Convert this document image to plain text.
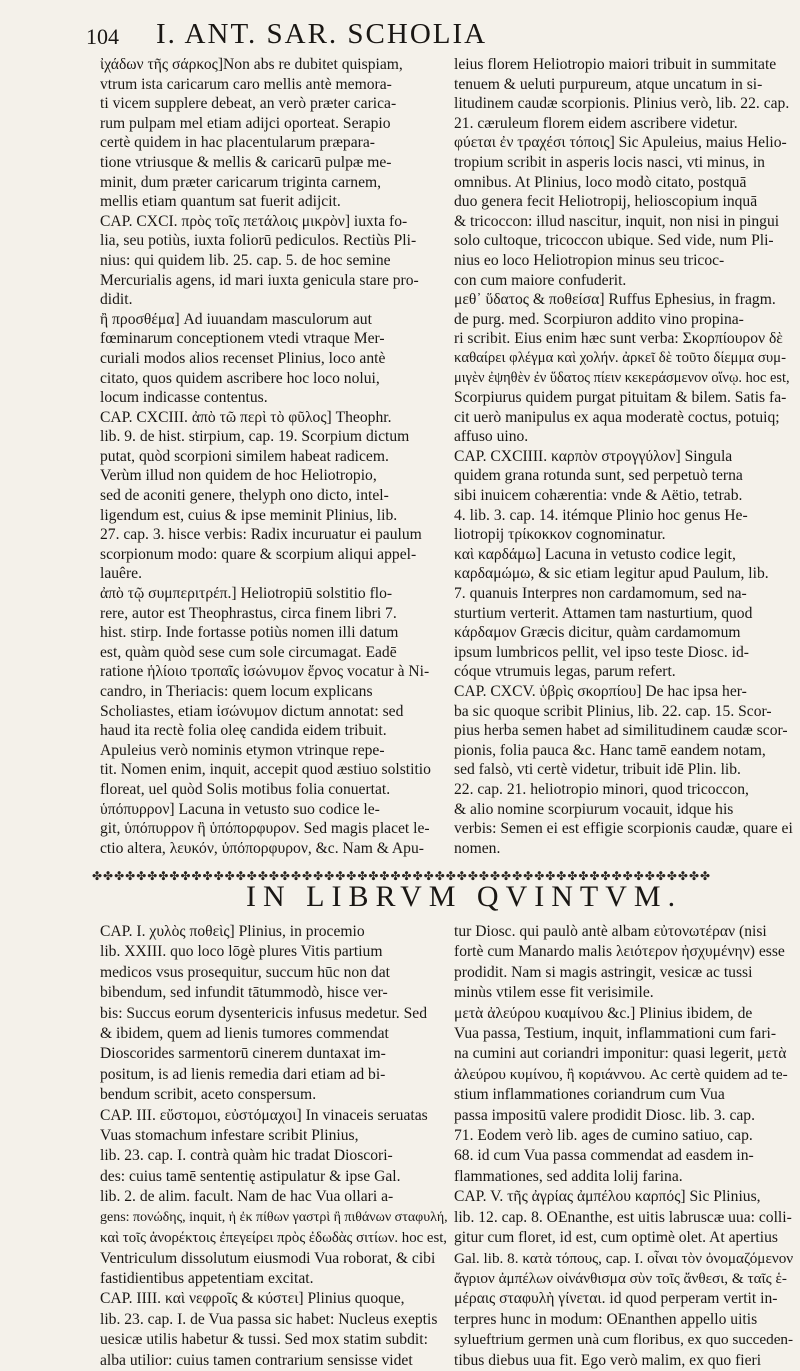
104 I. ANT. SAR. SCHOLIA
ἰχάδων τῆς σάρκος]Non abs re dubitet quispiam,
vtrum ista caricarum caro mellis antè memora-
ti vicem supplere debeat, an verò præter carica-
rum pulpam mel etiam adijci oporteat. Serapio
certè quidem in hac placentularum præpara-
tione vtriusque & mellis & caricarū pulpæ me-
minit, dum præter caricarum triginta carnem,
mellis etiam quantum sat fuerit adijcit.
CAP. CXCI. πρὸς τοῖς πετάλοις μικρὸν] iuxta fo-
lia, seu potiùs, iuxta foliorū pediculos. Rectiùs Pli-
nius: qui quidem lib. 25. cap. 5. de hoc semine
Mercurialis agens, id mari iuxta genicula stare pro-
didit.
ἢ προσθέμα] Ad iuuandam masculorum aut
fœminarum conceptionem vtedi vtraque Mer-
curiali modos alios recenset Plinius, loco antè
citato, quos quidem ascribere hoc loco nolui,
locum indicasse contentus.
CAP. CXCIII. ἀπὸ τῶ περὶ τὸ φῦλος] Theophr.
lib. 9. de hist. stirpium, cap. 19. Scorpium dictum
putat, quòd scorpioni similem habeat radicem.
Verùm illud non quidem de hoc Heliotropio,
sed de aconiti genere, thelyph ono dicto, intel-
ligendum est, cuius & ipse meminit Plinius, lib.
27. cap. 3. hisce verbis: Radix incuruatur ei paulum
scorpionum modo: quare & scorpium aliqui appel-
lauêre.
ἀπὸ τῷ συμπεριτρέπ.] Heliotropiū solstitio flo-
rere, autor est Theophrastus, circa finem libri 7.
hist. stirp. Inde fortasse potiùs nomen illi datum
est, quàm quòd sese cum sole circumagat. Eadē
ratione ἡλίοιο τροπαῖς ἰσώνυμον ἔρνος vocatur à Ni-
candro, in Theriacis: quem locum explicans
Scholiastes, etiam ἰσώνυμον dictum annotat: sed
haud ita rectè folia oleę candida eidem tribuit.
Apuleius verò nominis etymon vtrinque repe-
tit. Nomen enim, inquit, accepit quod æstiuo solstitio
floreat, uel quòd Solis motibus folia conuertat.
ὑπόπυρρον] Lacuna in vetusto suo codice le-
git, ὑπόπυρρον ἢ ὑπόπορφυρον. Sed magis placet le-
ctio altera, λευκόν, ὑπόπορφυρον, &c. Nam & Apu-
leius florem Heliotropio maiori tribuit in summitate
tenuem & ueluti purpureum, atque uncatum in si-
litudinem caudæ scorpionis. Plinius verò, lib. 22. cap.
21. cæruleum florem eidem ascribere videtur.
φύεται ἐν τραχέσι τόποις] Sic Apuleius, maius Helio-
tropium scribit in asperis locis nasci, vti minus, in
omnibus. At Plinius, loco modò citato, postquā
duo genera fecit Heliotropij, helioscopium inquā
& tricoccon: illud nascitur, inquit, non nisi in pingui
solo cultoque, tricoccon ubique. Sed vide, num Pli-
nius eo loco Heliotropion minus seu tricoc-
con cum maiore confuderit.
μεθ᾽ ὕδατος & ποθείσα] Ruffus Ephesius, in fragm.
de purg. med. Scorpiuron addito vino propina-
ri scribit. Eius enim hæc sunt verba: Σκορπίουρον δὲ
καθαίρει φλέγμα καὶ χολήν. ἀρκεῖ δὲ τοῦτο δίεμμα συμ-
μιγὲν ἐψηθὲν ἐν ὕδατος πίειν κεκεράσμενον οἴνῳ. hoc est,
Scorpiurus quidem purgat pituitam & bilem. Satis fa-
cit uerò manipulus ex aqua moderatè coctus, potuiq;
affuso uino.
CAP. CXCIIII. καρπὸν στρογγύλον] Singula
quidem grana rotunda sunt, sed perpetuò terna
sibi inuicem cohærentia: vnde & Aëtio, tetrab.
4. lib. 3. cap. 14. itémque Plinio hoc genus He-
liotropij τρίκοκκον cognominatur.
καὶ καρδάμω] Lacuna in vetusto codice legit,
καρδαμώμω, & sic etiam legitur apud Paulum, lib.
7. quanuis Interpres non cardamomum, sed na-
sturtium verterit. Attamen tam nasturtium, quod
κάρδαμον Græcis dicitur, quàm cardamomum
ipsum lumbricos pellit, vel ipso teste Diosc. id-
cóque vtrumuis legas, parum refert.
CAP. CXCV. ὑβρὶς σκορπίου] De hac ipsa her-
ba sic quoque scribit Plinius, lib. 22. cap. 15. Scor-
pius herba semen habet ad similitudinem caudæ scor-
pionis, folia pauca &c. Hanc tamē eandem notam,
sed falsò, vti certè videtur, tribuit idē Plin. lib.
22. cap. 21. heliotropio minori, quod tricoccon,
& alio nomine scorpiurum vocauit, idque his
verbis: Semen ei est effigie scorpionis caudæ, quare ei
nomen.
✤✤✤✤✤✤✤✤✤✤✤✤✤✤✤✤✤✤✤✤✤✤✤✤✤✤✤✤✤✤✤✤✤✤✤✤✤✤✤✤✤✤✤✤✤✤✤✤✤✤✤✤✤✤✤✤
IN LIBRVM QVINTVM.
CAP. I. χυλὸς ποθεὶς] Plinius, in procemio
lib. XXIII. quo loco lōgè plures Vitis partium
medicos vsus prosequitur, succum hūc non dat
bibendum, sed infundit tātummodò, hisce ver-
bis: Succus eorum dysentericis infusus medetur. Sed
& ibidem, quem ad lienis tumores commendat
Dioscorides sarmentorū cinerem duntaxat im-
positum, is ad lienis remedia dari etiam ad bi-
bendum scribit, aceto conspersum.
CAP. III. εὔστομοι, εὐστόμαχοι] In vinaceis seruatas
Vuas stomachum infestare scribit Plinius,
lib. 23. cap. I. contrà quàm hic tradat Dioscori-
des: cuius tamē sententię astipulatur & ipse Gal.
lib. 2. de alim. facult. Nam de hac Vua ollari a-
gens: πονώδης, inquit, ἡ ἐκ πίθων γαστρὶ ἢ πιθάνων σταφυλή,
καὶ τοῖς ἀνορέκτοις ἐπεγείρει πρὸς ἐδωδὰς σιτίων. hoc est,
Ventriculum dissolutum eiusmodi Vua roborat, & cibi
fastidientibus appetentiam excitat.
CAP. IIII. καὶ νεφροῖς & κύστει] Plinius quoque,
lib. 23. cap. I. de Vua passa sic habet: Nucleus exeptis
uesicæ utilis habetur & tussi. Sed mox statim subdit:
alba utilior: cuius tamen contrarium sensisse videt
tur Diosc. qui paulò antè albam εὐτονωτέραν (nisi
fortè cum Manardo malis λειότερον ἠσχυμένην) esse
prodidit. Nam si magis astringit, vesicæ ac tussi
minùs vtilem esse fit verisimile.
μετὰ ἀλεύρου κυαμίνου &c.] Plinius ibidem, de
Vua passa, Testium, inquit, inflammationi cum fari-
na cumini aut coriandri imponitur: quasi legerit, μετὰ
ἀλεύρου κυμίνου, ἢ κοριάννου. Ac certè quidem ad te-
stium inflammationes coriandrum cum Vua
passa impositū valere prodidit Diosc. lib. 3. cap.
71. Eodem verò lib. ages de cumino satiuo, cap.
68. id cum Vua passa commendat ad easdem in-
flammationes, sed addita lolij farina.
CAP. V. τῆς ἀγρίας ἀμπέλου καρπός] Sic Plinius,
lib. 12. cap. 8. OEnanthe, est uitis labruscæ uua: colli-
gitur cum floret, id est, cum optimè olet. At apertius
Gal. lib. 8. κατὰ τόπους, cap. I. οἶναι τὸν ὀνομαζόμενον
ἄγριον ἀμπέλων οἰνάνθισμα σὺν τοῖς ἄνθεσι, & ταῖς ἑ-
μέραις σταφυλὴ γίνεται. id quod perperam vertit in-
terpres hunc in modum: OEnanthen appello uitis
sylueftrium germen unà cum floribus, ex quo succeden-
tibus diebus uua fit. Ego verò malim, ex quo fieri
